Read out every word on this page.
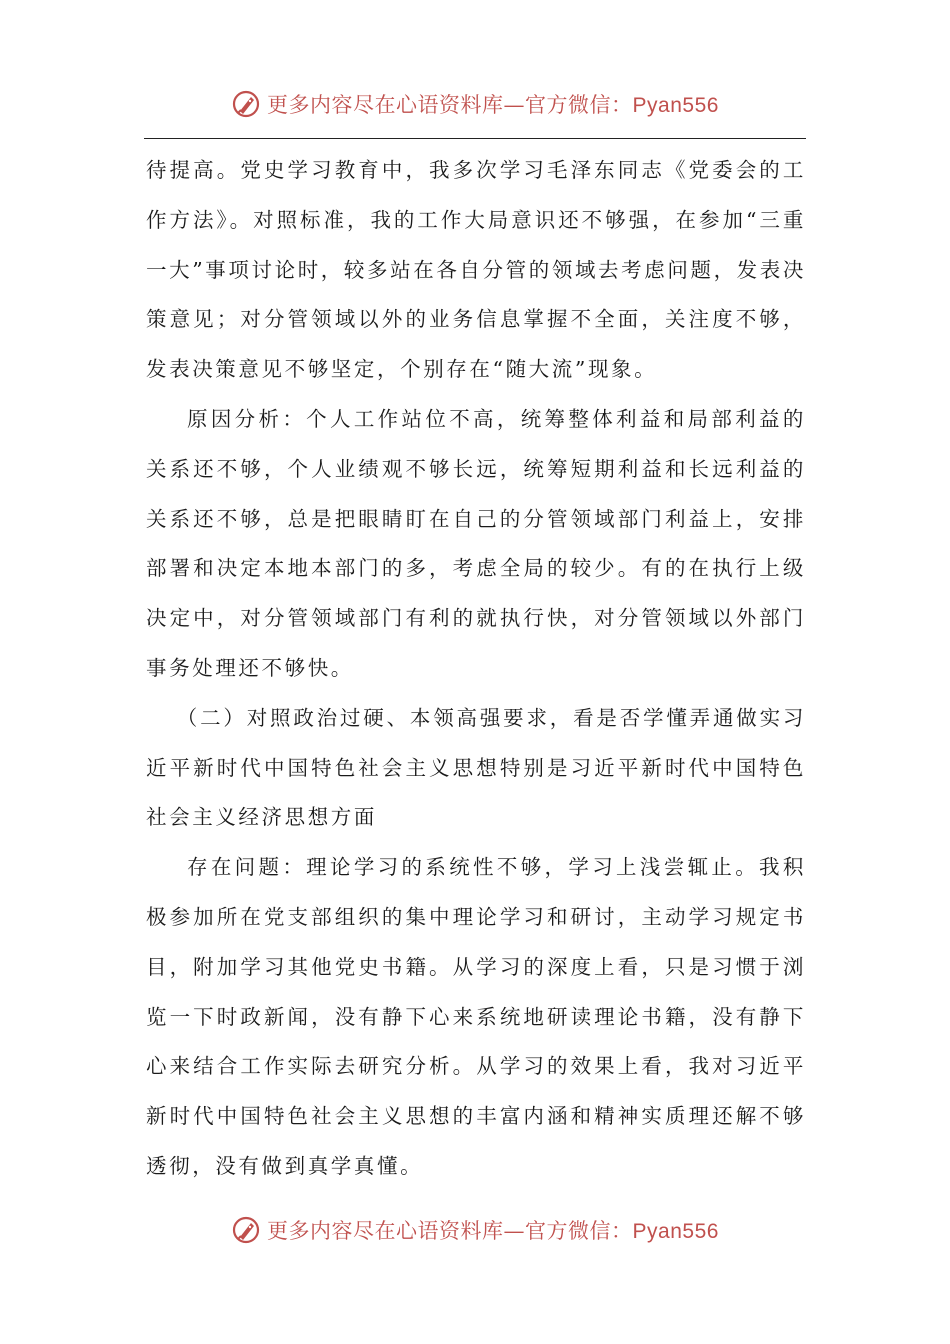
更多内容尽在心语资料库—官方微信：Pyan556

待提高。党史学习教育中，我多次学习毛泽东同志《党委会的工作方法》。对照标准，我的工作大局意识还不够强，在参加“三重一大”事项讨论时，较多站在各自分管的领域去考虑问题，发表决策意见；对分管领域以外的业务信息掌握不全面，关注度不够，发表决策意见不够坚定，个别存在“随大流”现象。

原因分析：个人工作站位不高，统筹整体利益和局部利益的关系还不够，个人业绩观不够长远，统筹短期利益和长远利益的关系还不够，总是把眼睛盯在自己的分管领域部门利益上，安排部署和决定本地本部门的多，考虑全局的较少。有的在执行上级决定中，对分管领域部门有利的就执行快，对分管领域以外部门事务处理还不够快。

（二）对照政治过硬、本领高强要求，看是否学懂弄通做实习近平新时代中国特色社会主义思想特别是习近平新时代中国特色社会主义经济思想方面

存在问题：理论学习的系统性不够，学习上浅尝辄止。我积极参加所在党支部组织的集中理论学习和研讨，主动学习规定书目，附加学习其他党史书籍。从学习的深度上看，只是习惯于浏览一下时政新闻，没有静下心来系统地研读理论书籍，没有静下心来结合工作实际去研究分析。从学习的效果上看，我对习近平新时代中国特色社会主义思想的丰富内涵和精神实质理还解不够透彻，没有做到真学真懂。

更多内容尽在心语资料库—官方微信：Pyan556
